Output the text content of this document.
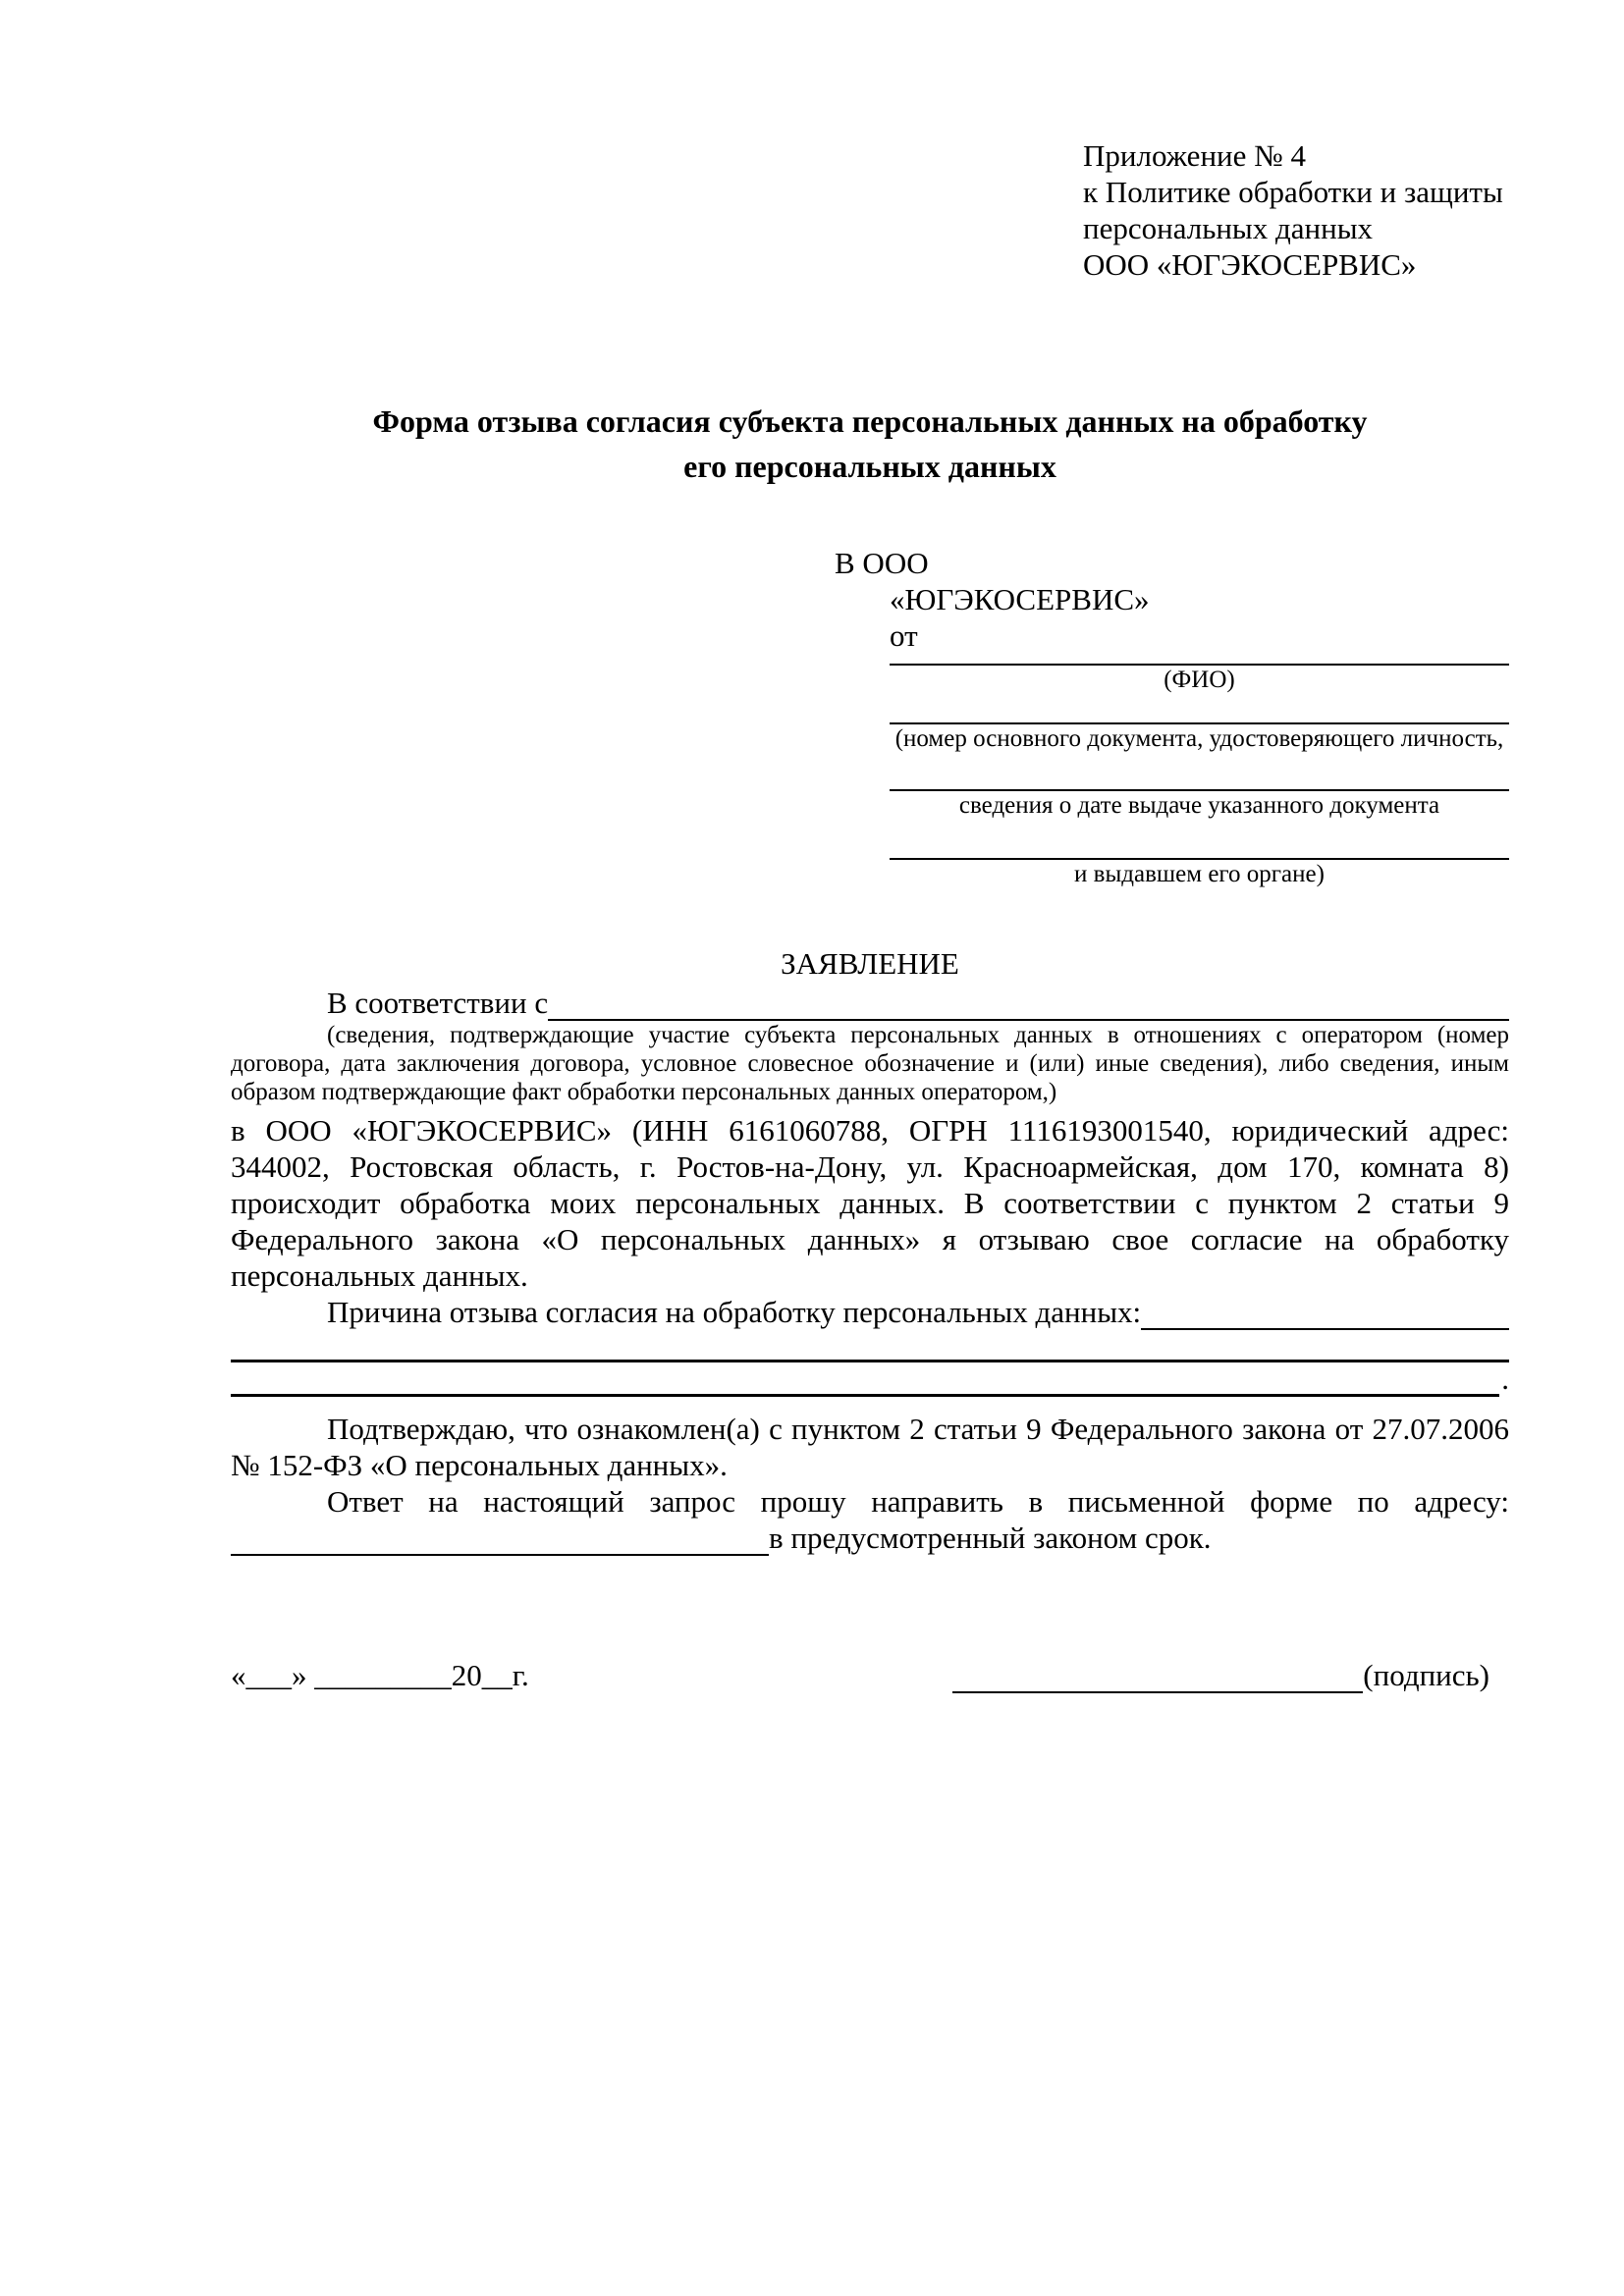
Приложение № 4
к Политике обработки и защиты
персональных данных
ООО «ЮГЭКОСЕРВИС»
Форма отзыва согласия субъекта персональных данных на обработку
его персональных данных
В ООО
«ЮГЭКОСЕРВИС»
от
(ФИО)
(номер основного документа, удостоверяющего личность,
сведения о дате выдаче указанного документа
и выдавшем его органе)
ЗАЯВЛЕНИЕ
В соответствии с
(сведения, подтверждающие участие субъекта персональных данных в отношениях с оператором (номер договора, дата заключения договора, условное словесное обозначение и (или) иные сведения), либо сведения, иным образом подтверждающие факт обработки персональных данных оператором,)
в ООО «ЮГЭКОСЕРВИС» (ИНН 6161060788, ОГРН 1116193001540, юридический адрес: 344002, Ростовская область, г. Ростов-на-Дону, ул. Красноармейская, дом 170, комната 8) происходит обработка моих персональных данных. В соответствии с пунктом 2 статьи 9 Федерального закона «О персональных данных» я отзываю свое согласие на обработку персональных данных.
Причина отзыва согласия на обработку персональных данных:
.
Подтверждаю, что ознакомлен(а) с пунктом 2 статьи 9 Федерального закона от 27.07.2006 № 152-ФЗ «О персональных данных».
Ответ на настоящий запрос прошу направить в письменной форме по адресу:
в предусмотренный законом срок.
«___» _________20__г.	(подпись)
